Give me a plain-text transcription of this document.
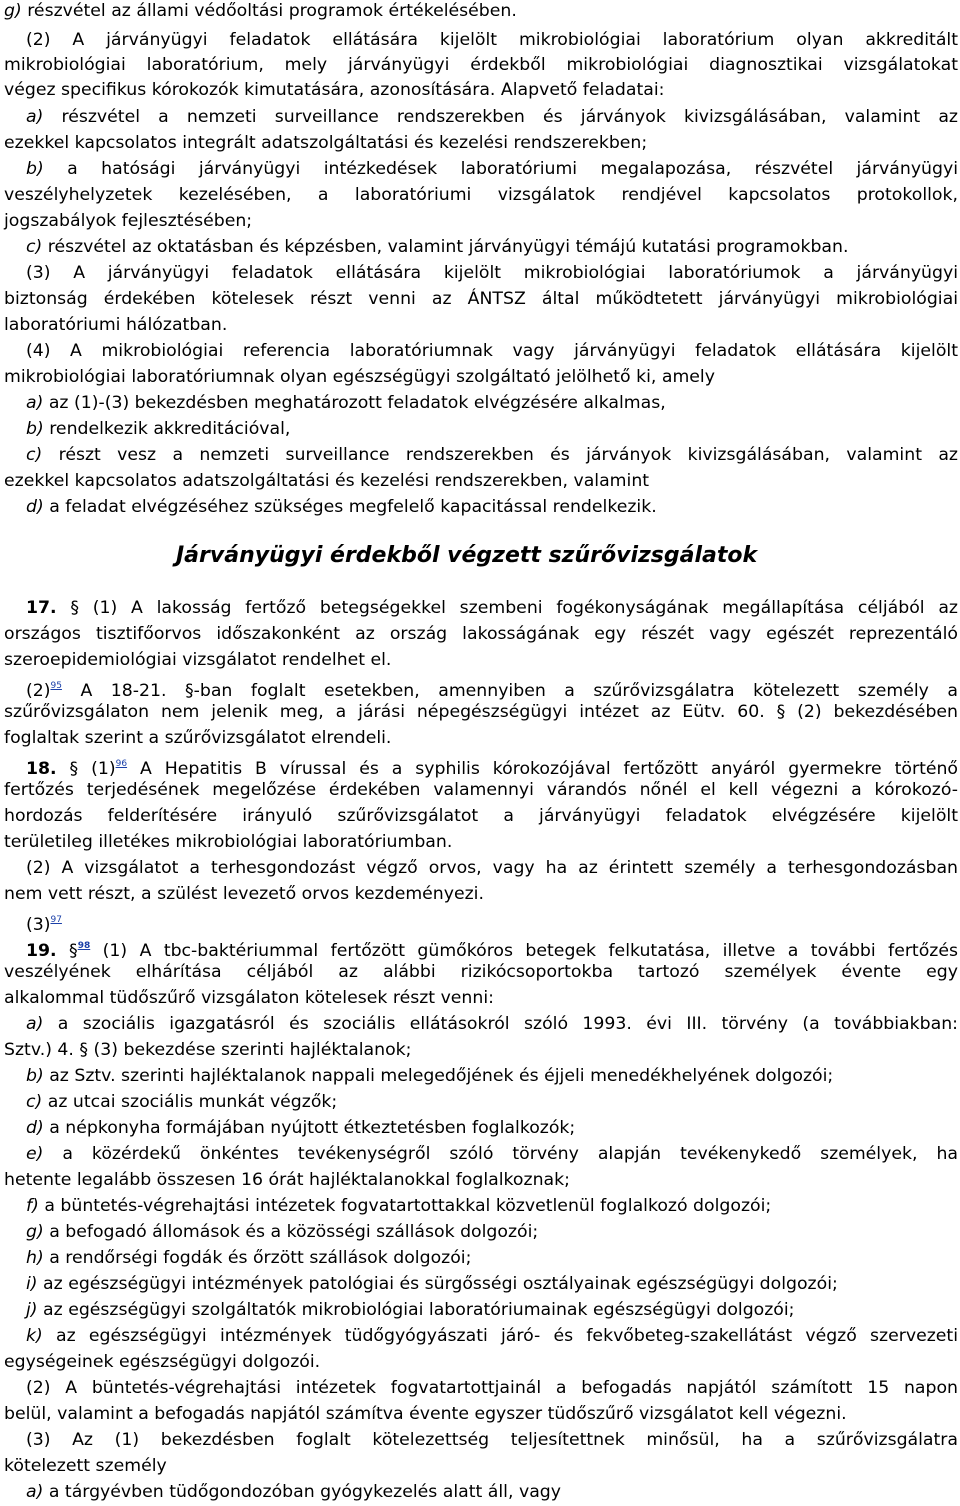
g) részvétel az állami védőoltási programok értékelésében.
(2) A járványügyi feladatok ellátására kijelölt mikrobiológiai laboratórium olyan akkreditált
mikrobiológiai laboratórium, mely járványügyi érdekből mikrobiológiai diagnosztikai vizsgálatokat
végez specifikus kórokozók kimutatására, azonosítására. Alapvető feladatai:
a) részvétel a nemzeti surveillance rendszerekben és járványok kivizsgálásában, valamint az
ezekkel kapcsolatos integrált adatszolgáltatási és kezelési rendszerekben;
b) a hatósági járványügyi intézkedések laboratóriumi megalapozása, részvétel járványügyi
veszélyhelyzetek kezelésében, a laboratóriumi vizsgálatok rendjével kapcsolatos protokollok,
jogszabályok fejlesztésében;
c) részvétel az oktatásban és képzésben, valamint járványügyi témájú kutatási programokban.
(3) A járványügyi feladatok ellátására kijelölt mikrobiológiai laboratóriumok a járványügyi
biztonság érdekében kötelesek részt venni az ÁNTSZ által működtetett járványügyi mikrobiológiai
laboratóriumi hálózatban.
(4) A mikrobiológiai referencia laboratóriumnak vagy járványügyi feladatok ellátására kijelölt
mikrobiológiai laboratóriumnak olyan egészségügyi szolgáltató jelölhető ki, amely
a) az (1)-(3) bekezdésben meghatározott feladatok elvégzésére alkalmas,
b) rendelkezik akkreditációval,
c) részt vesz a nemzeti surveillance rendszerekben és járványok kivizsgálásában, valamint az
ezekkel kapcsolatos adatszolgáltatási és kezelési rendszerekben, valamint
d) a feladat elvégzéséhez szükséges megfelelő kapacitással rendelkezik.
Járványügyi érdekből végzett szűrővizsgálatok
17. § (1) A lakosság fertőző betegségekkel szembeni fogékonyságának megállapítása céljából az
országos tisztifőorvos időszakonként az ország lakosságának egy részét vagy egészét reprezentáló
szeroepidemiológiai vizsgálatot rendelhet el.
$(2)^{95}$ A 18-21. §-ban foglalt esetekben, amennyiben a szűrővizsgálatra kötelezett személy a
szűrővizsgálaton nem jelenik meg, a járási népegészségügyi intézet az Eütv. 60. § (2) bekezdésében
foglaltak szerint a szűrővizsgálatot elrendeli.
18. § $(1)^{96}$ A Hepatitis B vírussal és a syphilis kórokozójával fertőzött anyáról gyermekre történő
fertőzés terjedésének megelőzése érdekében valamennyi várandós nőnél el kell végezni a kórokozó-
hordozás felderítésére irányuló szűrővizsgálatot a járványügyi feladatok elvégzésére kijelölt
területileg illetékes mikrobiológiai laboratóriumban.
(2) A vizsgálatot a terhesgondozást végző orvos, vagy ha az érintett személy a terhesgondozásban
nem vett részt, a szülést levezető orvos kezdeményezi.
$(3)^{97}$
19. §$^{98}$ (1) A tbc-baktériummal fertőzött gümőkóros betegek felkutatása, illetve a további fertőzés
veszélyének elhárítása céljából az alábbi rizikócsoportokba tartozó személyek évente egy
alkalommal tüdőszűrő vizsgálaton kötelesek részt venni:
a) a szociális igazgatásról és szociális ellátásokról szóló 1993. évi III. törvény (a továbbiakban:
Sztv.) 4. § (3) bekezdése szerinti hajléktalanok;
b) az Sztv. szerinti hajléktalanok nappali melegedőjének és éjjeli menedékhelyének dolgozói;
c) az utcai szociális munkát végzők;
d) a népkonyha formájában nyújtott étkeztetésben foglalkozók;
e) a közérdekű önkéntes tevékenységről szóló törvény alapján tevékenykedő személyek, ha
hetente legalább összesen 16 órát hajléktalanokkal foglalkoznak;
f) a büntetés-végrehajtási intézetek fogvatartottakkal közvetlenül foglalkozó dolgozói;
g) a befogadó állomások és a közösségi szállások dolgozói;
h) a rendőrségi fogdák és őrzött szállások dolgozói;
i) az egészségügyi intézmények patológiai és sürgősségi osztályainak egészségügyi dolgozói;
j) az egészségügyi szolgáltatók mikrobiológiai laboratóriumainak egészségügyi dolgozói;
k) az egészségügyi intézmények tüdőgyógyászati járó- és fekvőbeteg-szakellátást végző szervezeti
egységeinek egészségügyi dolgozói.
(2) A büntetés-végrehajtási intézetek fogvatartottjainál a befogadás napjától számított 15 napon
belül, valamint a befogadás napjától számítva évente egyszer tüdőszűrő vizsgálatot kell végezni.
(3) Az (1) bekezdésben foglalt kötelezettség teljesítettnek minősül, ha a szűrővizsgálatra
kötelezett személy
a) a tárgyévben tüdőgondozóban gyógykezelés alatt áll, vagy
